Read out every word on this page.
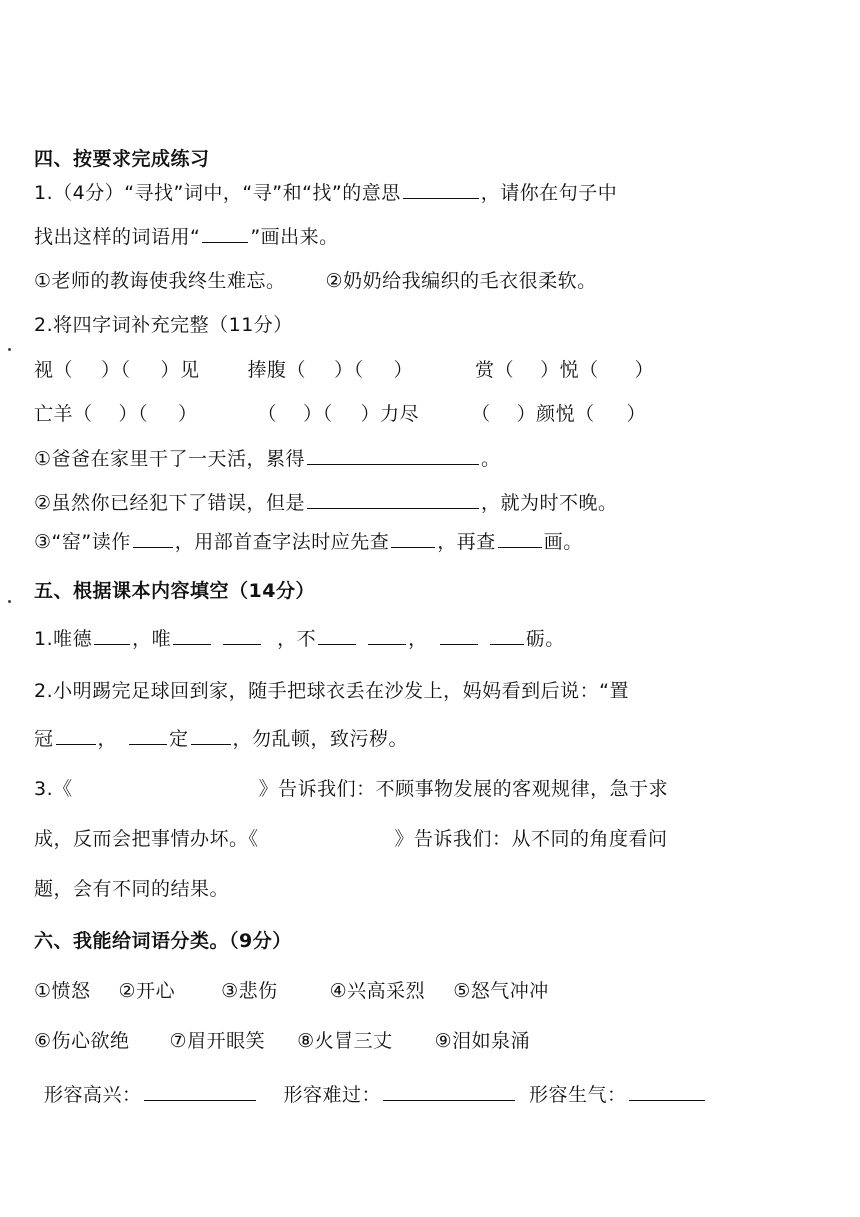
四、按要求完成练习
1.（4分）“寻找”词中，“寻”和“找”的意思	，请你在句子中
找出这样的词语用“	”画出来。
①老师的教诲使我终生难忘。 ②奶奶给我编织的毛衣很柔软。
2.将四字词补充完整（11分）
视（ ）（ ）见	捧腹（ ）（ ）	赏（ ）悦（ ）
亡羊（ ）（ ）	（ ）（ ）力尽	（ ）颜悦（ ）
①爸爸在家里干了一天活，累得	。
②虽然你已经犯下了错误，但是	，就为时不晚。
③“窑”读作 ，用部首查字法时应先查	，再查	画。
五、根据课本内容填空（14分）
1.唯德 ，唯	，不	，	砺。
2.小明踢完足球回到家，随手把球衣丢在沙发上，妈妈看到后说：“置
冠 ，	定 ，勿乱顿，致污秽。
3.《	》告诉我们：不顾事物发展的客观规律，急于求
成，反而会把事情办坏。《	》告诉我们：从不同的角度看问
题，会有不同的结果。
六、我能给词语分类。（9分）
①愤怒 ②开心 ③悲伤	④兴高采烈 ⑤怒气冲冲
⑥伤心欲绝 ⑦眉开眼笑 ⑧火冒三丈 ⑨泪如泉涌
形容高兴：	形容难过：	形容生气：
